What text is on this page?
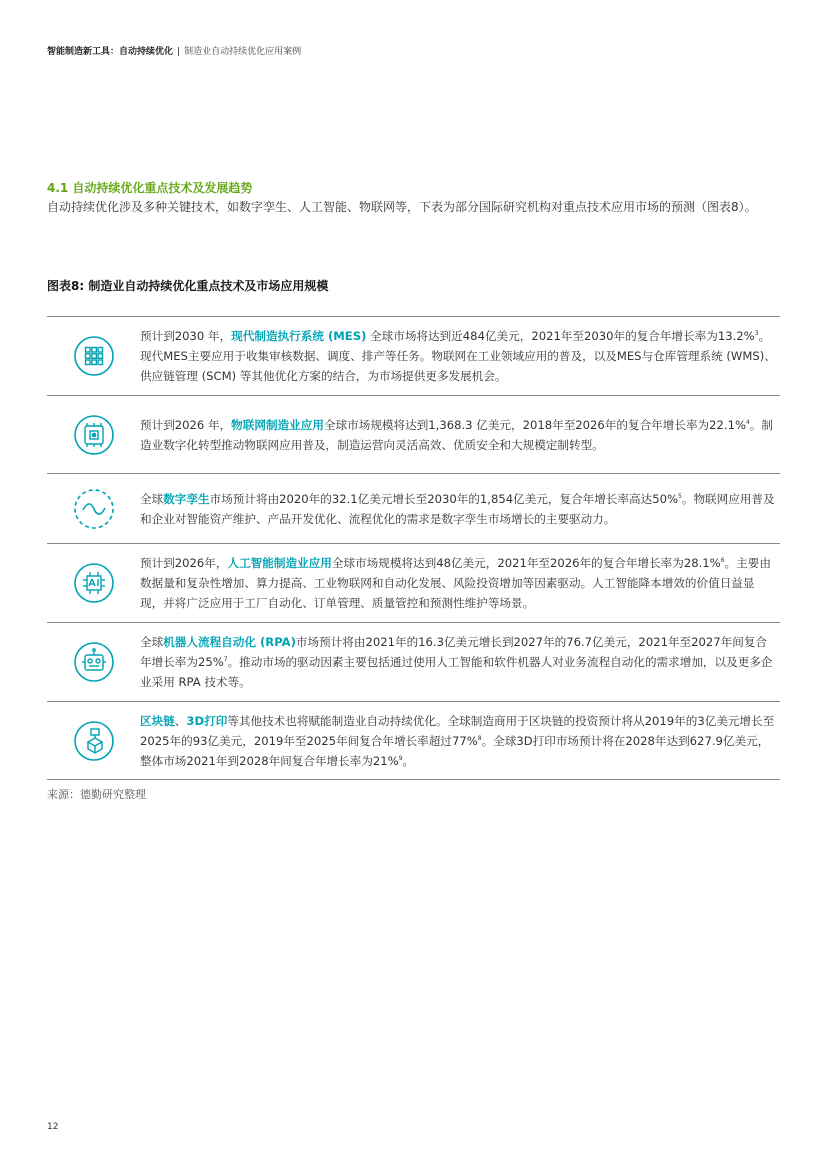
智能制造新工具：自动持续优化 | 制造业自动持续优化应用案例
4.1 自动持续优化重点技术及发展趋势
自动持续优化涉及多种关键技术，如数字孪生、人工智能、物联网等，下表为部分国际研究机构对重点技术应用市场的预测（图表8）。
图表8: 制造业自动持续优化重点技术及市场应用规模
预计到2030 年，现代制造执行系统 (MES) 全球市场将达到近484亿美元，2021年至2030年的复合年增长率为13.2%$^3$。现代MES主要应用于收集审核数据、调度、排产等任务。物联网在工业领域应用的普及，以及MES与仓库管理系统 (WMS)、供应链管理 (SCM) 等其他优化方案的结合，为市场提供更多发展机会。
预计到2026 年，物联网制造业应用全球市场规模将达到1,368.3 亿美元，2018年至2026年的复合年增长率为22.1%$^4$。制造业数字化转型推动物联网应用普及，制造运营向灵活高效、优质安全和大规模定制转型。
全球数字孪生市场预计将由2020年的32.1亿美元增长至2030年的1,854亿美元，复合年增长率高达50%$^5$。物联网应用普及和企业对智能资产维护、产品开发优化、流程优化的需求是数字孪生市场增长的主要驱动力。
预计到2026年，人工智能制造业应用全球市场规模将达到48亿美元，2021年至2026年的复合年增长率为28.1%$^6$。主要由数据量和复杂性增加、算力提高、工业物联网和自动化发展、风险投资增加等因素驱动。人工智能降本增效的价值日益显现，并将广泛应用于工厂自动化、订单管理、质量管控和预测性维护等场景。
全球机器人流程自动化 (RPA)市场预计将由2021年的16.3亿美元增长到2027年的76.7亿美元，2021年至2027年间复合年增长率为25%$^7$。推动市场的驱动因素主要包括通过使用人工智能和软件机器人对业务流程自动化的需求增加，以及更多企业采用 RPA 技术等。
区块链、3D打印等其他技术也将赋能制造业自动持续优化。全球制造商用于区块链的投资预计将从2019年的3亿美元增长至2025年的93亿美元，2019年至2025年间复合年增长率超过77%$^8$。全球3D打印市场预计将在2028年达到627.9亿美元，整体市场2021年到2028年间复合年增长率为21%$^9$。
来源：德勤研究整理
12
